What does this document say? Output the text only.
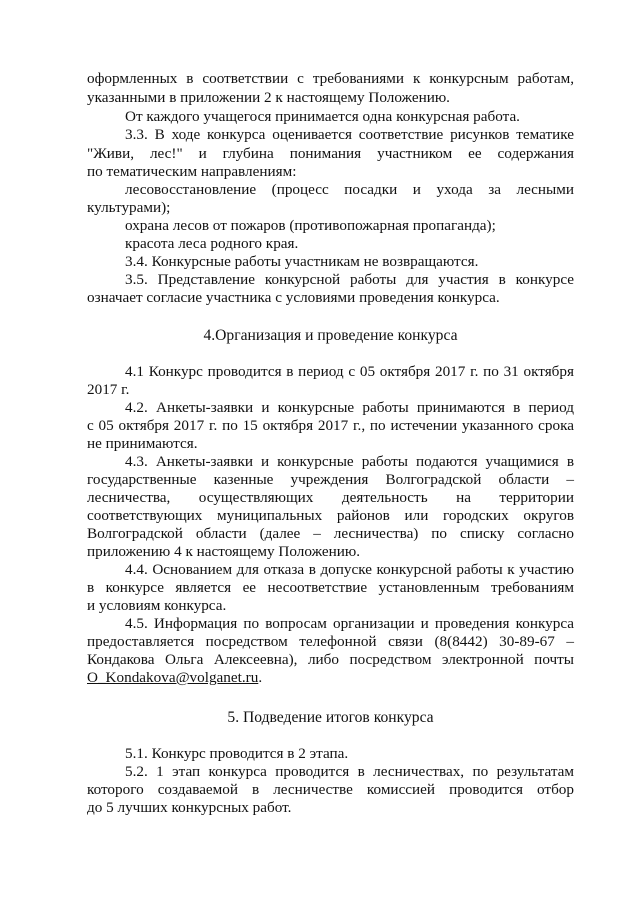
оформленных в соответствии с требованиями к конкурсным работам,

указанными в приложении 2 к настоящему Положению.

От каждого учащегося принимается одна конкурсная работа.

3.3. В ходе конкурса оценивается соответствие рисунков тематике

"Живи, лес!" и глубина понимания участником ее содержания

по тематическим направлениям:

лесовосстановление (процесс посадки и ухода за лесными

культурами);

охрана лесов от пожаров (противопожарная пропаганда);

красота леса родного края.

3.4. Конкурсные работы участникам не возвращаются.

3.5. Представление конкурсной работы для участия в конкурсе

означает согласие участника с условиями проведения конкурса.

4.Организация и проведение конкурса

4.1 Конкурс проводится в период с 05 октября 2017 г. по 31 октября

2017 г.

4.2. Анкеты-заявки и конкурсные работы принимаются в период

с 05 октября 2017 г. по 15 октября 2017 г., по истечении указанного срока

не принимаются.

4.3. Анкеты-заявки и конкурсные работы подаются учащимися в

государственные казенные учреждения Волгоградской области –

лесничества, осуществляющих деятельность на территории

соответствующих муниципальных районов или городских округов

Волгоградской области (далее – лесничества) по списку согласно

приложению 4 к настоящему Положению.

4.4. Основанием для отказа в допуске конкурсной работы к участию

в конкурсе является ее несоответствие установленным требованиям

и условиям конкурса.

4.5. Информация по вопросам организации и проведения конкурса

предоставляется посредством телефонной связи (8(8442) 30-89-67 –

Кондакова Ольга Алексеевна), либо посредством электронной почты

O_Kondakova@volganet.ru.

5. Подведение итогов конкурса

5.1. Конкурс проводится в 2 этапа.

5.2. 1 этап конкурса проводится в лесничествах, по результатам

которого создаваемой в лесничестве комиссией проводится отбор

до 5 лучших конкурсных работ.
